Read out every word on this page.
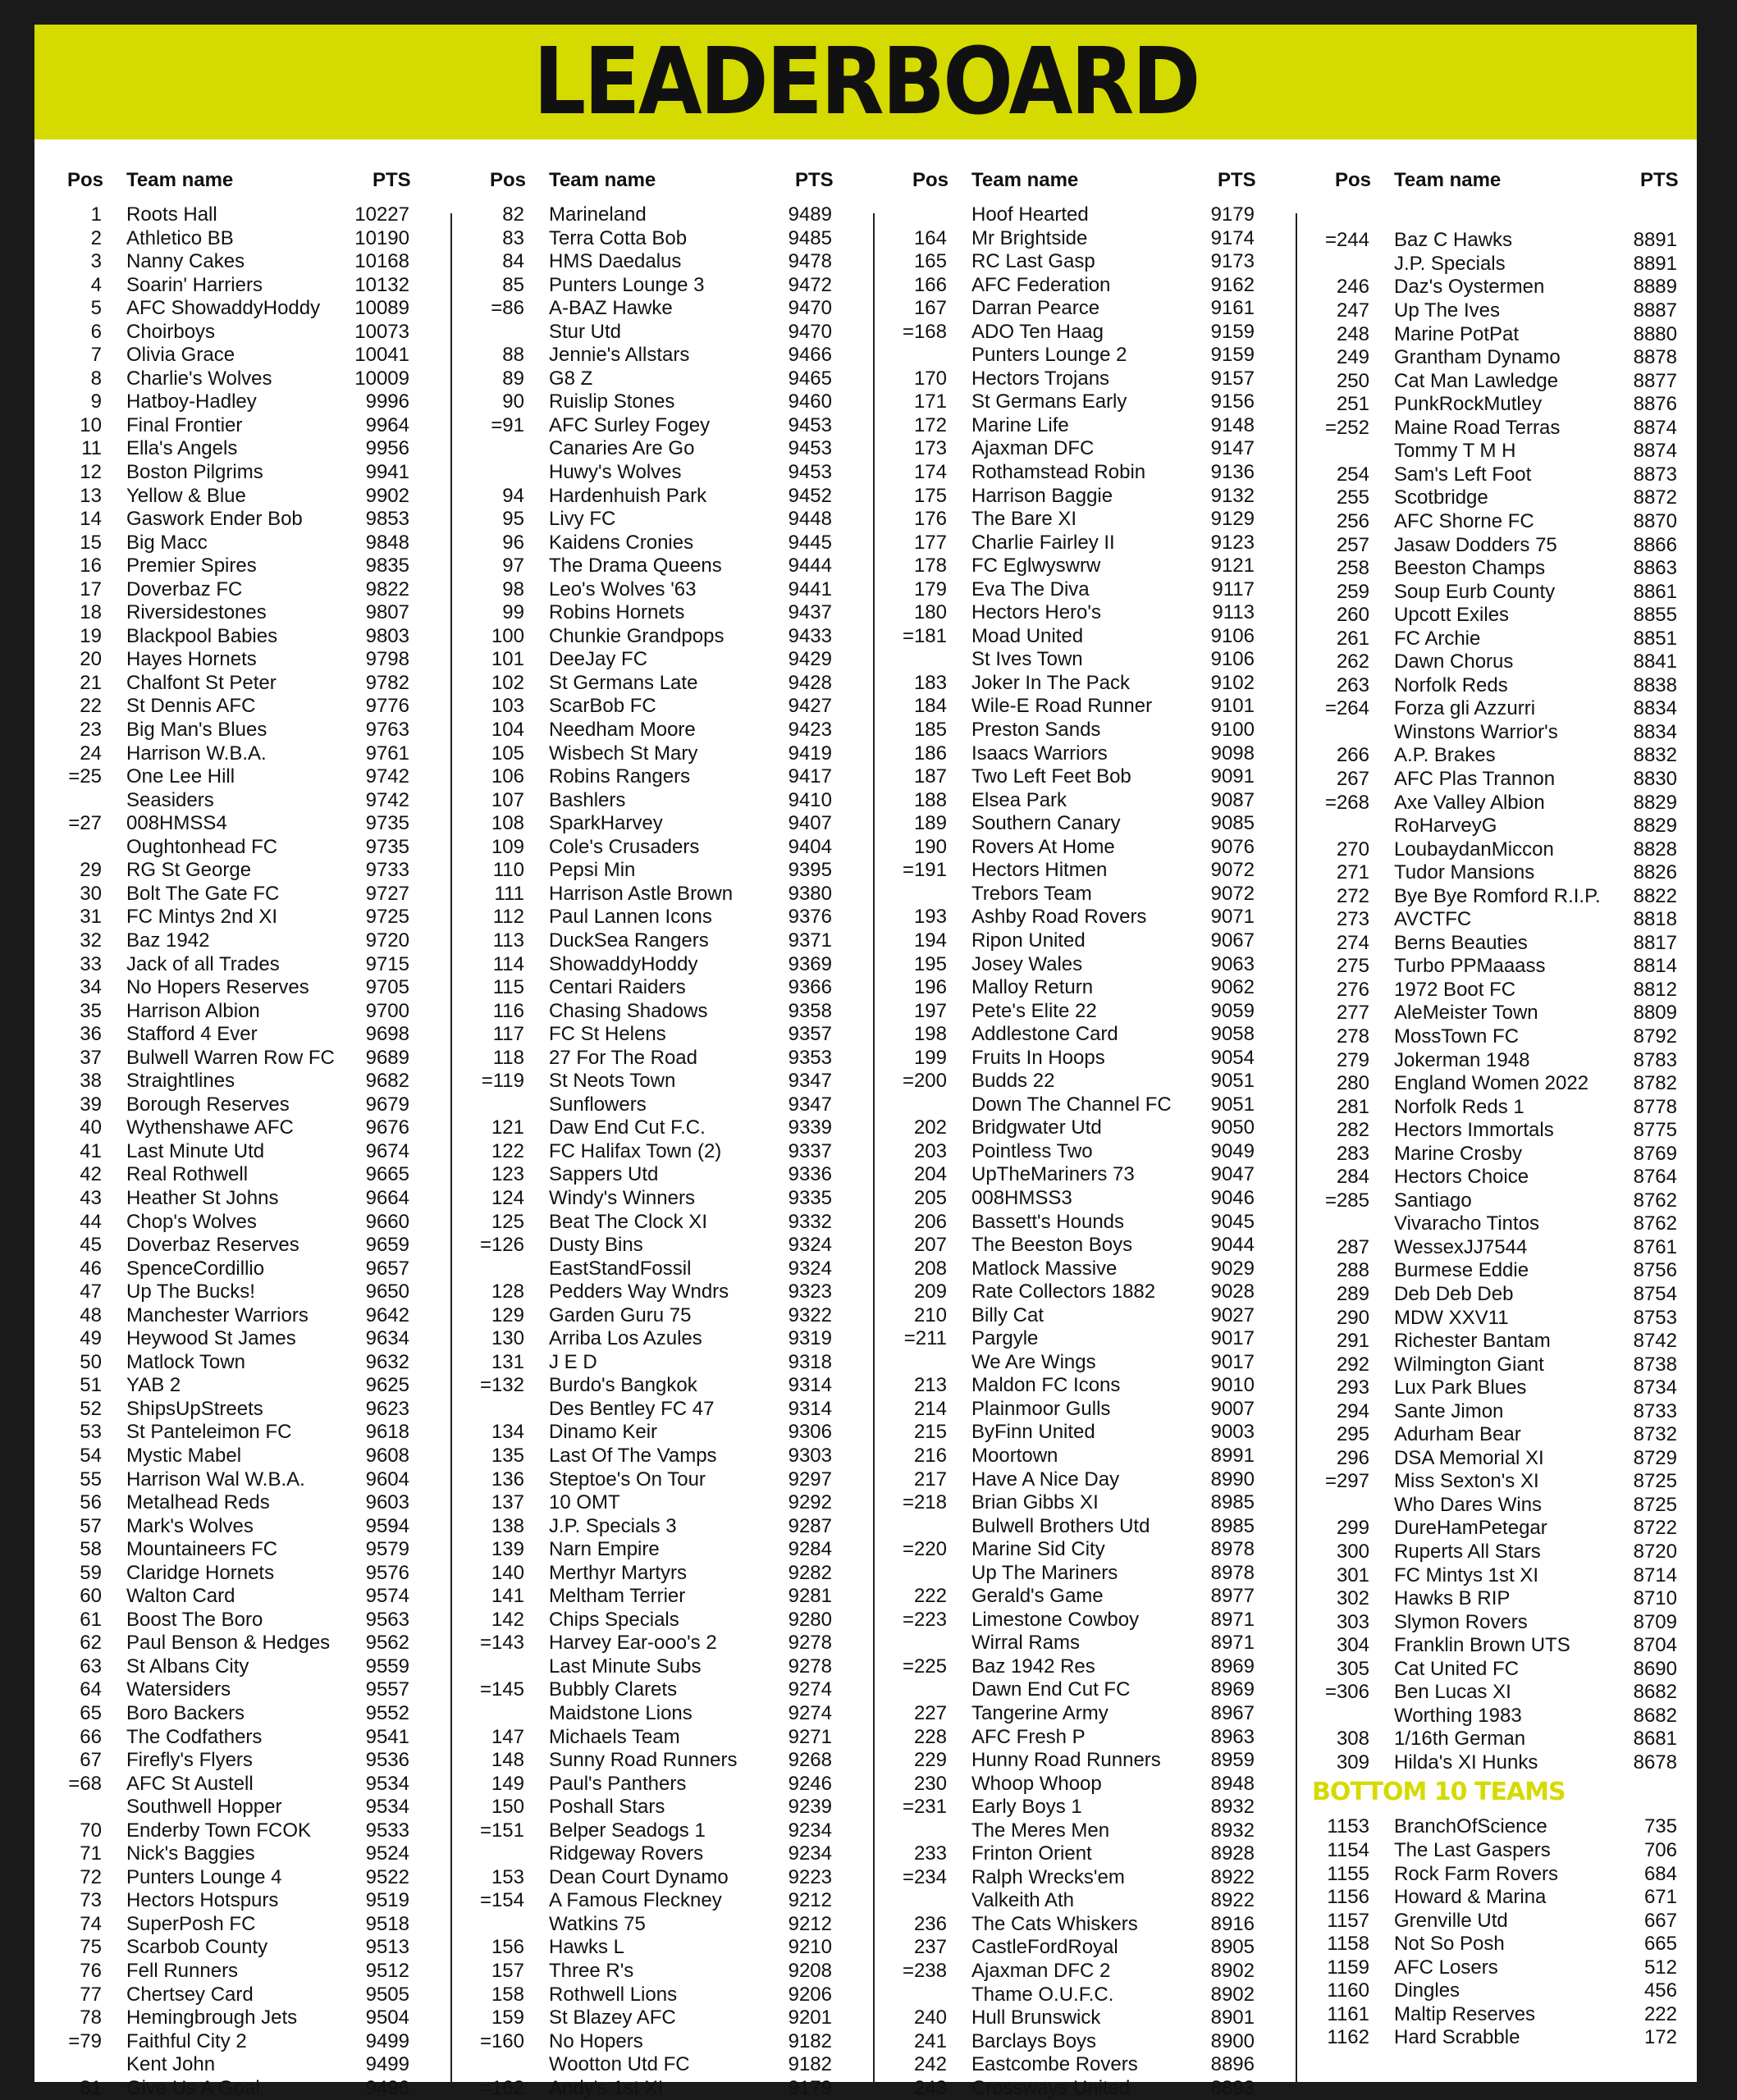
LEADERBOARD
Pos Team name	PTS
1 Roots Hall	10227
2 Athletico BB	10190
3 Nanny Cakes	10168
4 Soarin' Harriers	10132
5 AFC ShowaddyHoddy	10089
6 Choirboys	10073
7 Olivia Grace	10041
8 Charlie's Wolves	10009
9 Hatboy-Hadley	9996
10 Final Frontier	9964
11 Ella's Angels	9956
12 Boston Pilgrims	9941
13 Yellow & Blue	9902
14 Gaswork Ender Bob	9853
15 Big Macc	9848
16 Premier Spires	9835
17 Doverbaz FC	9822
18 Riversidestones	9807
19 Blackpool Babies	9803
20 Hayes Hornets	9798
21 Chalfont St Peter	9782
22 St Dennis AFC	9776
23 Big Man's Blues	9763
24 Harrison W.B.A.	9761
=25 One Lee Hill	9742
Seasiders	9742
=27 008HMSS4	9735
Oughtonhead FC	9735
29 RG St George	9733
30 Bolt The Gate FC	9727
31 FC Mintys 2nd XI	9725
32 Baz 1942	9720
33 Jack of all Trades	9715
34 No Hopers Reserves	9705
35 Harrison Albion	9700
36 Stafford 4 Ever	9698
37 Bulwell Warren Row FC	9689
38 Straightlines	9682
39 Borough Reserves	9679
40 Wythenshawe AFC	9676
41 Last Minute Utd	9674
42 Real Rothwell	9665
43 Heather St Johns	9664
44 Chop's Wolves	9660
45 Doverbaz Reserves	9659
46 SpenceCordillio	9657
47 Up The Bucks!	9650
48 Manchester Warriors	9642
49 Heywood St James	9634
50 Matlock Town	9632
51 YAB 2	9625
52 ShipsUpStreets	9623
53 St Panteleimon FC	9618
54 Mystic Mabel	9608
55 Harrison Wal W.B.A.	9604
56 Metalhead Reds	9603
57 Mark's Wolves	9594
58 Mountaineers FC	9579
59 Claridge Hornets	9576
60 Walton Card	9574
61 Boost The Boro	9563
62 Paul Benson & Hedges	9562
63 St Albans City	9559
64 Watersiders	9557
65 Boro Backers	9552
66 The Codfathers	9541
67 Firefly's Flyers	9536
=68 AFC St Austell	9534
Southwell Hopper	9534
70 Enderby Town FCOK	9533
71 Nick's Baggies	9524
72 Punters Lounge 4	9522
73 Hectors Hotspurs	9519
74 SuperPosh FC	9518
75 Scarbob County	9513
76 Fell Runners	9512
77 Chertsey Card	9505
78 Hemingbrough Jets	9504
=79 Faithful City 2	9499
Kent John	9499
81 Give Us A Goal	9496
Pos Team name	PTS
82 Marineland	9489
83 Terra Cotta Bob	9485
84 HMS Daedalus	9478
85 Punters Lounge 3	9472
=86 A-BAZ Hawke	9470
Stur Utd	9470
88 Jennie's Allstars	9466
89 G8 Z	9465
90 Ruislip Stones	9460
=91 AFC Surley Fogey	9453
Canaries Are Go	9453
Huwy's Wolves	9453
94 Hardenhuish Park	9452
95 Livy FC	9448
96 Kaidens Cronies	9445
97 The Drama Queens	9444
98 Leo's Wolves '63	9441
99 Robins Hornets	9437
100 Chunkie Grandpops	9433
101 DeeJay FC	9429
102 St Germans Late	9428
103 ScarBob FC	9427
104 Needham Moore	9423
105 Wisbech St Mary	9419
106 Robins Rangers	9417
107 Bashlers	9410
108 SparkHarvey	9407
109 Cole's Crusaders	9404
110 Pepsi Min	9395
111 Harrison Astle Brown	9380
112 Paul Lannen Icons	9376
113 DuckSea Rangers	9371
114 ShowaddyHoddy	9369
115 Centari Raiders	9366
116 Chasing Shadows	9358
117 FC St Helens	9357
118 27 For The Road	9353
=119 St Neots Town	9347
Sunflowers	9347
121 Daw End Cut F.C.	9339
122 FC Halifax Town (2)	9337
123 Sappers Utd	9336
124 Windy's Winners	9335
125 Beat The Clock XI	9332
=126 Dusty Bins	9324
EastStandFossil	9324
128 Pedders Way Wndrs	9323
129 Garden Guru 75	9322
130 Arriba Los Azules	9319
131 J E D	9318
=132 Burdo's Bangkok	9314
Des Bentley FC 47	9314
134 Dinamo Keir	9306
135 Last Of The Vamps	9303
136 Steptoe's On Tour	9297
137 10 OMT	9292
138 J.P. Specials 3	9287
139 Narn Empire	9284
140 Merthyr Martyrs	9282
141 Meltham Terrier	9281
142 Chips Specials	9280
=143 Harvey Ear-ooo's 2	9278
Last Minute Subs	9278
=145 Bubbly Clarets	9274
Maidstone Lions	9274
147 Michaels Team	9271
148 Sunny Road Runners	9268
149 Paul's Panthers	9246
150 Poshall Stars	9239
=151 Belper Seadogs 1	9234
Ridgeway Rovers	9234
153 Dean Court Dynamo	9223
=154 A Famous Fleckney	9212
Watkins 75	9212
156 Hawks L	9210
157 Three R's	9208
158 Rothwell Lions	9206
159 St Blazey AFC	9201
=160 No Hopers	9182
Wootton Utd FC	9182
=162 Andy's 1st XI	9179
Pos Team name	PTS
Hoof Hearted	9179
164 Mr Brightside	9174
165 RC Last Gasp	9173
166 AFC Federation	9162
167 Darran Pearce	9161
=168 ADO Ten Haag	9159
Punters Lounge 2	9159
170 Hectors Trojans	9157
171 St Germans Early	9156
172 Marine Life	9148
173 Ajaxman DFC	9147
174 Rothamstead Robin	9136
175 Harrison Baggie	9132
176 The Bare XI	9129
177 Charlie Fairley II	9123
178 FC Eglwyswrw	9121
179 Eva The Diva	9117
180 Hectors Hero's	9113
=181 Moad United	9106
St Ives Town	9106
183 Joker In The Pack	9102
184 Wile-E Road Runner	9101
185 Preston Sands	9100
186 Isaacs Warriors	9098
187 Two Left Feet Bob	9091
188 Elsea Park	9087
189 Southern Canary	9085
190 Rovers At Home	9076
=191 Hectors Hitmen	9072
Trebors Team	9072
193 Ashby Road Rovers	9071
194 Ripon United	9067
195 Josey Wales	9063
196 Malloy Return	9062
197 Pete's Elite 22	9059
198 Addlestone Card	9058
199 Fruits In Hoops	9054
=200 Budds 22	9051
Down The Channel FC	9051
202 Bridgwater Utd	9050
203 Pointless Two	9049
204 UpTheMariners 73	9047
205 008HMSS3	9046
206 Bassett's Hounds	9045
207 The Beeston Boys	9044
208 Matlock Massive	9029
209 Rate Collectors 1882	9028
210 Billy Cat	9027
=211 Pargyle	9017
We Are Wings	9017
213 Maldon FC Icons	9010
214 Plainmoor Gulls	9007
215 ByFinn United	9003
216 Moortown	8991
217 Have A Nice Day	8990
=218 Brian Gibbs XI	8985
Bulwell Brothers Utd	8985
=220 Marine Sid City	8978
Up The Mariners	8978
222 Gerald's Game	8977
=223 Limestone Cowboy	8971
Wirral Rams	8971
=225 Baz 1942 Res	8969
Dawn End Cut FC	8969
227 Tangerine Army	8967
228 AFC Fresh P	8963
229 Hunny Road Runners	8959
230 Whoop Whoop	8948
=231 Early Boys 1	8932
The Meres Men	8932
233 Frinton Orient	8928
=234 Ralph Wrecks'em	8922
Valkeith Ath	8922
236 The Cats Whiskers	8916
237 CastleFordRoyal	8905
=238 Ajaxman DFC 2	8902
Thame O.U.F.C.	8902
240 Hull Brunswick	8901
241 Barclays Boys	8900
242 Eastcombe Rovers	8896
243 Crossways United	8893
Pos Team name	PTS
=244 Baz C Hawks	8891
J.P. Specials	8891
246 Daz's Oystermen	8889
247 Up The Ives	8887
248 Marine PotPat	8880
249 Grantham Dynamo	8878
250 Cat Man Lawledge	8877
251 PunkRockMutley	8876
=252 Maine Road Terras	8874
Tommy T M H	8874
254 Sam's Left Foot	8873
255 Scotbridge	8872
256 AFC Shorne FC	8870
257 Jasaw Dodders 75	8866
258 Beeston Champs	8863
259 Soup Eurb County	8861
260 Upcott Exiles	8855
261 FC Archie	8851
262 Dawn Chorus	8841
263 Norfolk Reds	8838
=264 Forza gli Azzurri	8834
Winstons Warrior's	8834
266 A.P. Brakes	8832
267 AFC Plas Trannon	8830
=268 Axe Valley Albion	8829
RoHarveyG	8829
270 LoubaydanMiccon	8828
271 Tudor Mansions	8826
272 Bye Bye Romford R.I.P.	8822
273 AVCTFC	8818
274 Berns Beauties	8817
275 Turbo PPMaaass	8814
276 1972 Boot FC	8812
277 AleMeister Town	8809
278 MossTown FC	8792
279 Jokerman 1948	8783
280 England Women 2022	8782
281 Norfolk Reds 1	8778
282 Hectors Immortals	8775
283 Marine Crosby	8769
284 Hectors Choice	8764
=285 Santiago	8762
Vivaracho Tintos	8762
287 WessexJJ7544	8761
288 Burmese Eddie	8756
289 Deb Deb Deb	8754
290 MDW XXV11	8753
291 Richester Bantam	8742
292 Wilmington Giant	8738
293 Lux Park Blues	8734
294 Sante Jimon	8733
295 Adurham Bear	8732
296 DSA Memorial XI	8729
=297 Miss Sexton's XI	8725
Who Dares Wins	8725
299 DureHamPetegar	8722
300 Ruperts All Stars	8720
301 FC Mintys 1st XI	8714
302 Hawks B RIP	8710
303 Slymon Rovers	8709
304 Franklin Brown UTS	8704
305 Cat United FC	8690
=306 Ben Lucas XI	8682
Worthing 1983	8682
308 1/16th German	8681
309 Hilda's XI Hunks	8678
BOTTOM 10 TEAMS
1153 BranchOfScience	735
1154 The Last Gaspers	706
1155 Rock Farm Rovers	684
1156 Howard & Marina	671
1157 Grenville Utd	667
1158 Not So Posh	665
1159 AFC Losers	512
1160 Dingles	456
1161 Maltip Reserves	222
1162 Hard Scrabble	172
